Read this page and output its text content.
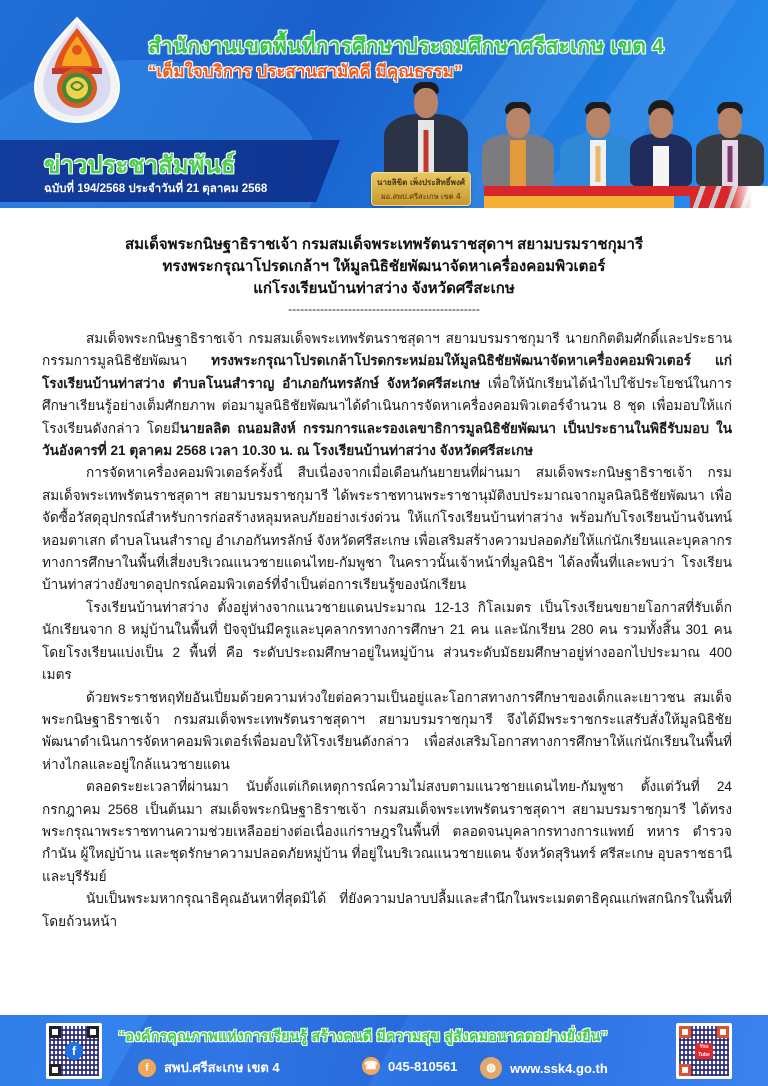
สำนักงานเขตพื้นที่การศึกษาประถมศึกษาศรีสะเกษ เขต 4
“เต็มใจบริการ ประสานสามัคคี มีคุณธรรม”
นายลิขิต เพ็งประสิทธิ์พงศ์
ผอ.สพป.ศรีสะเกษ เขต 4
ข่าวประชาสัมพันธ์
ฉบับที่ 194/2568 ประจำวันที่ 21 ตุลาคม 2568
สมเด็จพระกนิษฐาธิราชเจ้า กรมสมเด็จพระเทพรัตนราชสุดาฯ สยามบรมราชกุมารี
ทรงพระกรุณาโปรดเกล้าฯ ให้มูลนิธิชัยพัฒนาจัดหาเครื่องคอมพิวเตอร์
แก่โรงเรียนบ้านท่าสว่าง จังหวัดศรีสะเกษ
------------------------------------------------

สมเด็จพระกนิษฐาธิราชเจ้า กรมสมเด็จพระเทพรัตนราชสุดาฯ สยามบรมราชกุมารี นายกกิตติมศักดิ์และประธานกรรมการมูลนิธิชัยพัฒนา ทรงพระกรุณาโปรดเกล้าโปรดกระหม่อมให้มูลนิธิชัยพัฒนาจัดหาเครื่องคอมพิวเตอร์ แก่โรงเรียนบ้านท่าสว่าง ตำบลโนนสำราญ อำเภอกันทรลักษ์ จังหวัดศรีสะเกษ เพื่อให้นักเรียนได้นำไปใช้ประโยชน์ในการศึกษาเรียนรู้อย่างเต็มศักยภาพ ต่อมามูลนิธิชัยพัฒนาได้ดำเนินการจัดหาเครื่องคอมพิวเตอร์จำนวน 8 ชุด เพื่อมอบให้แก่โรงเรียนดังกล่าว โดยมีนายลลิต ถนอมสิงห์ กรรมการและรองเลขาธิการมูลนิธิชัยพัฒนา เป็นประธานในพิธีรับมอบ ในวันอังคารที่ 21 ตุลาคม 2568 เวลา 10.30 น. ณ โรงเรียนบ้านท่าสว่าง จังหวัดศรีสะเกษ

การจัดหาเครื่องคอมพิวเตอร์ครั้งนี้ สืบเนื่องจากเมื่อเดือนกันยายนที่ผ่านมา สมเด็จพระกนิษฐาธิราชเจ้า กรมสมเด็จพระเทพรัตนราชสุดาฯ สยามบรมราชกุมารี ได้พระราชทานพระราชานุมัติงบประมาณจากมูลนิลนิธิชัยพัฒนา เพื่อจัดซื้อวัสดุอุปกรณ์สำหรับการก่อสร้างหลุมหลบภัยอย่างเร่งด่วน ให้แก่โรงเรียนบ้านท่าสว่าง พร้อมกับโรงเรียนบ้านจันทน์หอมตาเสก ตำบลโนนสำราญ อำเภอกันทรลักษ์ จังหวัดศรีสะเกษ เพื่อเสริมสร้างความปลอดภัยให้แก่นักเรียนและบุคลากรทางการศึกษาในพื้นที่เสี่ยงบริเวณแนวชายแดนไทย-กัมพูชา ในคราวนั้นเจ้าหน้าที่มูลนิธิฯ ได้ลงพื้นที่และพบว่า โรงเรียนบ้านท่าสว่างยังขาดอุปกรณ์คอมพิวเตอร์ที่จำเป็นต่อการเรียนรู้ของนักเรียน

โรงเรียนบ้านท่าสว่าง ตั้งอยู่ห่างจากแนวชายแดนประมาณ 12-13 กิโลเมตร เป็นโรงเรียนขยายโอกาสที่รับเด็กนักเรียนจาก 8 หมู่บ้านในพื้นที่ ปัจจุบันมีครูและบุคลากรทางการศึกษา 21 คน และนักเรียน 280 คน รวมทั้งสิ้น 301 คน โดยโรงเรียนแบ่งเป็น 2 พื้นที่ คือ ระดับประถมศึกษาอยู่ในหมู่บ้าน ส่วนระดับมัธยมศึกษาอยู่ห่างออกไปประมาณ 400 เมตร

ด้วยพระราชหฤทัยอันเปี่ยมด้วยความห่วงใยต่อความเป็นอยู่และโอกาสทางการศึกษาของเด็กและเยาวชน สมเด็จพระกนิษฐาธิราชเจ้า กรมสมเด็จพระเทพรัตนราชสุดาฯ สยามบรมราชกุมารี จึงได้มีพระราชกระแสรับสั่งให้มูลนิธิชัยพัฒนาดำเนินการจัดหาคอมพิวเตอร์เพื่อมอบให้โรงเรียนดังกล่าว เพื่อส่งเสริมโอกาสทางการศึกษาให้แก่นักเรียนในพื้นที่ห่างไกลและอยู่ใกล้แนวชายแดน

ตลอดระยะเวลาที่ผ่านมา นับตั้งแต่เกิดเหตุการณ์ความไม่สงบตามแนวชายแดนไทย-กัมพูชา ตั้งแต่วันที่ 24 กรกฎาคม 2568 เป็นต้นมา สมเด็จพระกนิษฐาธิราชเจ้า กรมสมเด็จพระเทพรัตนราชสุดาฯ สยามบรมราชกุมารี ได้ทรงพระกรุณาพระราชทานความช่วยเหลืออย่างต่อเนื่องแก่ราษฎรในพื้นที่ ตลอดจนบุคลากรทางการแพทย์ ทหาร ตำรวจ กำนัน ผู้ใหญ่บ้าน และชุดรักษาความปลอดภัยหมู่บ้าน ที่อยู่ในบริเวณแนวชายแดน จังหวัดสุรินทร์ ศรีสะเกษ อุบลราชธานี และบุรีรัมย์

นับเป็นพระมหากรุณาธิคุณอันหาที่สุดมิได้ ที่ยังความปลาบปลื้มและสำนึกในพระเมตตาธิคุณแก่พสกนิกรในพื้นที่โดยถ้วนหน้า

f
“องค์กรคุณภาพแห่งการเรียนรู้ สร้างคนดี มีความสุข สู่สังคมอนาคตอย่างยั่งยืน”
f	สพป.ศรีสะเกษ เขต 4	☎ 045-810561	◍	www.ssk4.go.th
You Tube
